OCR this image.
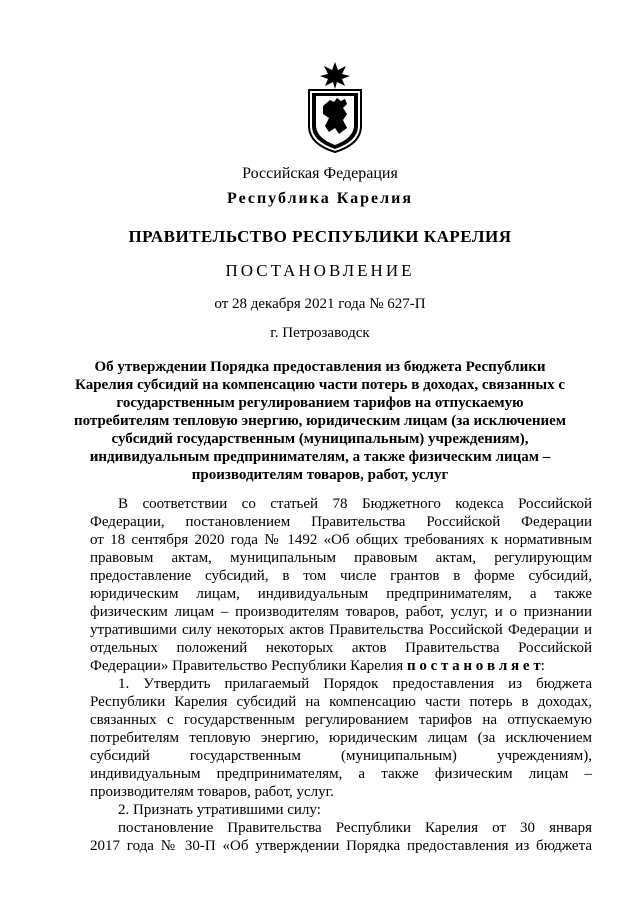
Российская Федерация
Республика Карелия
ПРАВИТЕЛЬСТВО РЕСПУБЛИКИ КАРЕЛИЯ
ПОСТАНОВЛЕНИЕ
от 28 декабря 2021 года № 627-П
г. Петрозаводск
Об утверждении Порядка предоставления из бюджета Республики
Карелия субсидий на компенсацию части потерь в доходах, связанных с
государственным регулированием тарифов на отпускаемую
потребителям тепловую энергию, юридическим лицам (за исключением
субсидий государственным (муниципальным) учреждениям),
индивидуальным предпринимателям, а также физическим лицам –
производителям товаров, работ, услуг
В соответствии со статьей 78 Бюджетного кодекса Российской
Федерации, постановлением Правительства Российской Федерации
от 18 сентября 2020 года № 1492 «Об общих требованиях к нормативным
правовым актам, муниципальным правовым актам, регулирующим
предоставление субсидий, в том числе грантов в форме субсидий,
юридическим лицам, индивидуальным предпринимателям, а также
физическим лицам – производителям товаров, работ, услуг, и о признании
утратившими силу некоторых актов Правительства Российской Федерации и
отдельных положений некоторых актов Правительства Российской
Федерации» Правительство Республики Карелия п о с т а н о в л я е т:
1. Утвердить прилагаемый Порядок предоставления из бюджета
Республики Карелия субсидий на компенсацию части потерь в доходах,
связанных с государственным регулированием тарифов на отпускаемую
потребителям тепловую энергию, юридическим лицам (за исключением
субсидий государственным (муниципальным) учреждениям),
индивидуальным предпринимателям, а также физическим лицам –
производителям товаров, работ, услуг.
2. Признать утратившими силу:
постановление Правительства Республики Карелия от 30 января
2017 года № 30-П «Об утверждении Порядка предоставления из бюджета
